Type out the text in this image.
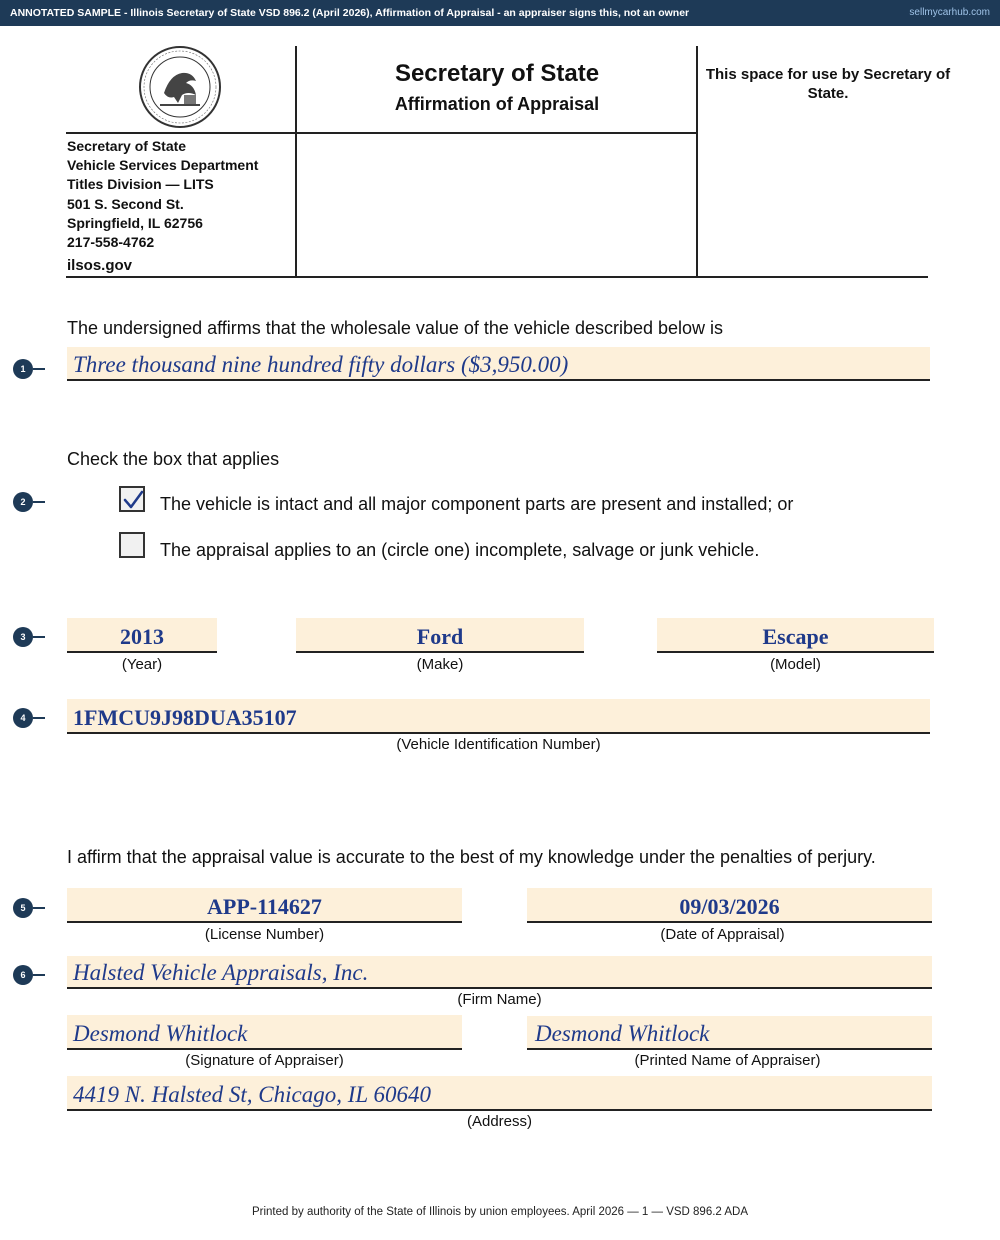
ANNOTATED SAMPLE - Illinois Secretary of State VSD 896.2 (April 2026), Affirmation of Appraisal - an appraiser signs this, not an owner	sellmycarhub.com
Secretary of State
Vehicle Services Department
Titles Division — LITS
501 S. Second St.
Springfield, IL 62756
217-558-4762
ilsos.gov
Secretary of State
Affirmation of Appraisal
This space for use by Secretary of State.
The undersigned affirms that the wholesale value of the vehicle described below is
1	Three thousand nine hundred fifty dollars ($3,950.00)
Check the box that applies
2	The vehicle is intact and all major component parts are present and installed; or
The appraisal applies to an (circle one) incomplete, salvage or junk vehicle.
3	2013
(Year)
Ford
(Make)
Escape
(Model)
4	1FMCU9J98DUA35107
(Vehicle Identification Number)
I affirm that the appraisal value is accurate to the best of my knowledge under the penalties of perjury.
5	APP-114627
(License Number)
09/03/2026
(Date of Appraisal)
6	Halsted Vehicle Appraisals, Inc.
(Firm Name)
Desmond Whitlock
(Signature of Appraiser)
Desmond Whitlock
(Printed Name of Appraiser)
4419 N. Halsted St, Chicago, IL 60640
(Address)
Printed by authority of the State of Illinois by union employees. April 2026 — 1 — VSD 896.2 ADA
